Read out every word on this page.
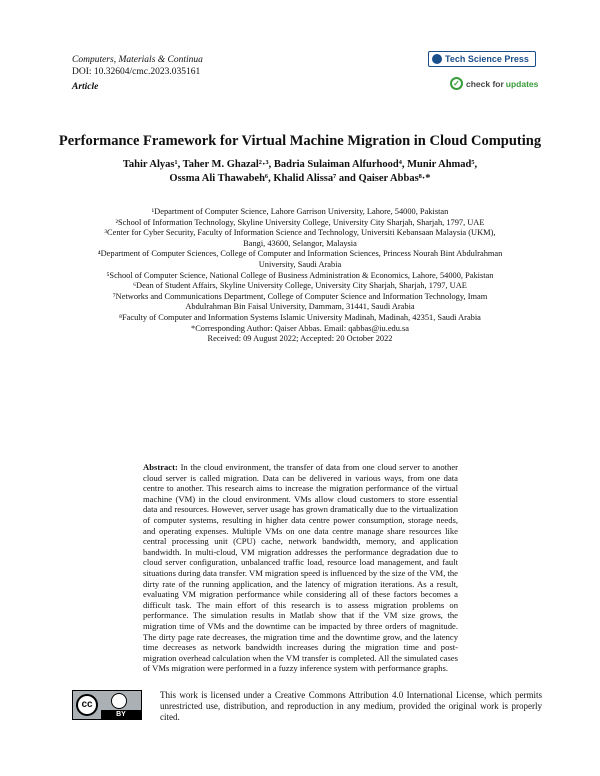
Computers, Materials & Continua
DOI: 10.32604/cmc.2023.035161
Article
Tech Science Press
✓ check for updates
Performance Framework for Virtual Machine Migration in Cloud Computing
Tahir Alyas¹, Taher M. Ghazal²·³, Badria Sulaiman Alfurhood⁴, Munir Ahmad⁵,
Ossma Ali Thawabeh⁶, Khalid Alissa⁷ and Qaiser Abbas⁸·*
¹Department of Computer Science, Lahore Garrison University, Lahore, 54000, Pakistan
²School of Information Technology, Skyline University College, University City Sharjah, Sharjah, 1797, UAE
³Center for Cyber Security, Faculty of Information Science and Technology, Universiti Kebansaan Malaysia (UKM),
Bangi, 43600, Selangor, Malaysia
⁴Department of Computer Sciences, College of Computer and Information Sciences, Princess Nourah Bint Abdulrahman
University, Saudi Arabia
⁵School of Computer Science, National College of Business Administration & Economics, Lahore, 54000, Pakistan
⁶Dean of Student Affairs, Skyline University College, University City Sharjah, Sharjah, 1797, UAE
⁷Networks and Communications Department, College of Computer Science and Information Technology, Imam
Abdulrahman Bin Faisal University, Dammam, 31441, Saudi Arabia
⁸Faculty of Computer and Information Systems Islamic University Madinah, Madinah, 42351, Saudi Arabia
*Corresponding Author: Qaiser Abbas. Email: qabbas@iu.edu.sa
Received: 09 August 2022; Accepted: 20 October 2022
Abstract: In the cloud environment, the transfer of data from one cloud server to another cloud server is called migration. Data can be delivered in various ways, from one data centre to another. This research aims to increase the migration performance of the virtual machine (VM) in the cloud environment. VMs allow cloud customers to store essential data and resources. However, server usage has grown dramatically due to the virtualization of computer systems, resulting in higher data centre power consumption, storage needs, and operating expenses. Multiple VMs on one data centre manage share resources like central processing unit (CPU) cache, network bandwidth, memory, and application bandwidth. In multi-cloud, VM migration addresses the performance degradation due to cloud server configuration, unbalanced traffic load, resource load management, and fault situations during data transfer. VM migration speed is influenced by the size of the VM, the dirty rate of the running application, and the latency of migration iterations. As a result, evaluating VM migration performance while considering all of these factors becomes a difficult task. The main effort of this research is to assess migration problems on performance. The simulation results in Matlab show that if the VM size grows, the migration time of VMs and the downtime can be impacted by three orders of magnitude. The dirty page rate decreases, the migration time and the downtime grow, and the latency time decreases as network bandwidth increases during the migration time and post-migration overhead calculation when the VM transfer is completed. All the simulated cases of VMs migration were performed in a fuzzy inference system with performance graphs.
cc
BY
This work is licensed under a Creative Commons Attribution 4.0 International License, which permits unrestricted use, distribution, and reproduction in any medium, provided the original work is properly cited.
